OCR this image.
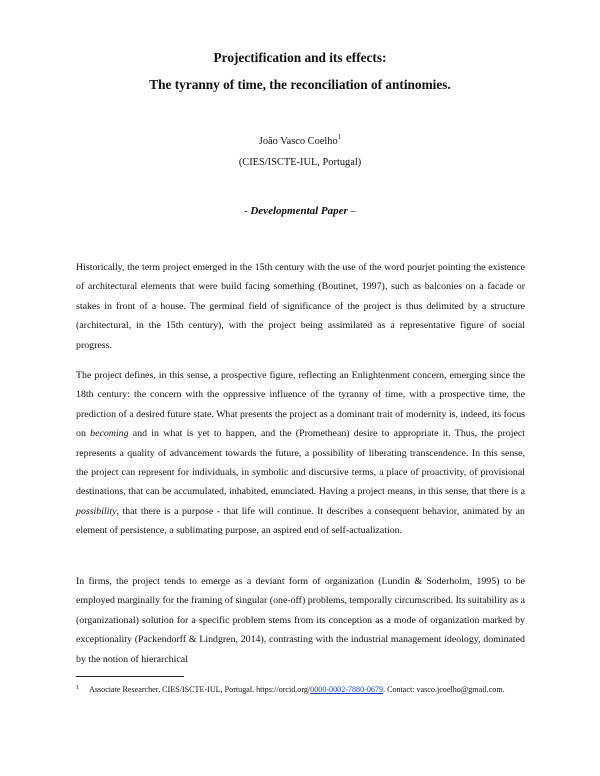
Projectification and its effects:
The tyranny of time, the reconciliation of antinomies.
João Vasco Coelho$^1$
(CIES/ISCTE-IUL, Portugal)
- Developmental Paper –

Historically, the term project emerged in the 15th century with the use of the word pourjet pointing the existence of architectural elements that were build facing something (Boutinet, 1997), such as balconies on a facade or stakes in front of a house. The germinal field of significance of the project is thus delimited by a structure (architectural, in the 15th century), with the project being assimilated as a representative figure of social progress.

The project defines, in this sense, a prospective figure, reflecting an Enlightenment concern, emerging since the 18th century: the concern with the oppressive influence of the tyranny of time, with a prospective time, the prediction of a desired future state. What presents the project as a dominant trait of modernity is, indeed, its focus on becoming and in what is yet to happen, and the (Promethean) desire to appropriate it. Thus, the project represents a quality of advancement towards the future, a possibility of liberating transcendence. In this sense, the project can represent for individuals, in symbolic and discursive terms, a place of proactivity, of provisional destinations, that can be accumulated, inhabited, enunciated. Having a project means, in this sense, that there is a possibility, that there is a purpose - that life will continue. It describes a consequent behavior, animated by an element of persistence, a sublimating purpose, an aspired end of self-actualization.

In firms, the project tends to emerge as a deviant form of organization (Lundin & Soderholm, 1995) to be employed marginally for the framing of singular (one-off) problems, temporally circumscribed. Its suitability as a (organizational) solution for a specific problem stems from its conception as a mode of organization marked by exceptionality (Packendorff & Lindgren, 2014), contrasting with the industrial management ideology, dominated by the notion of hierarchical

$^1$ Associate Researcher, CIES/ISCTE-IUL, Portugal. https://orcid.org/0000-0002-7880-0679. Contact: vasco.jcoelho@gmail.com.
